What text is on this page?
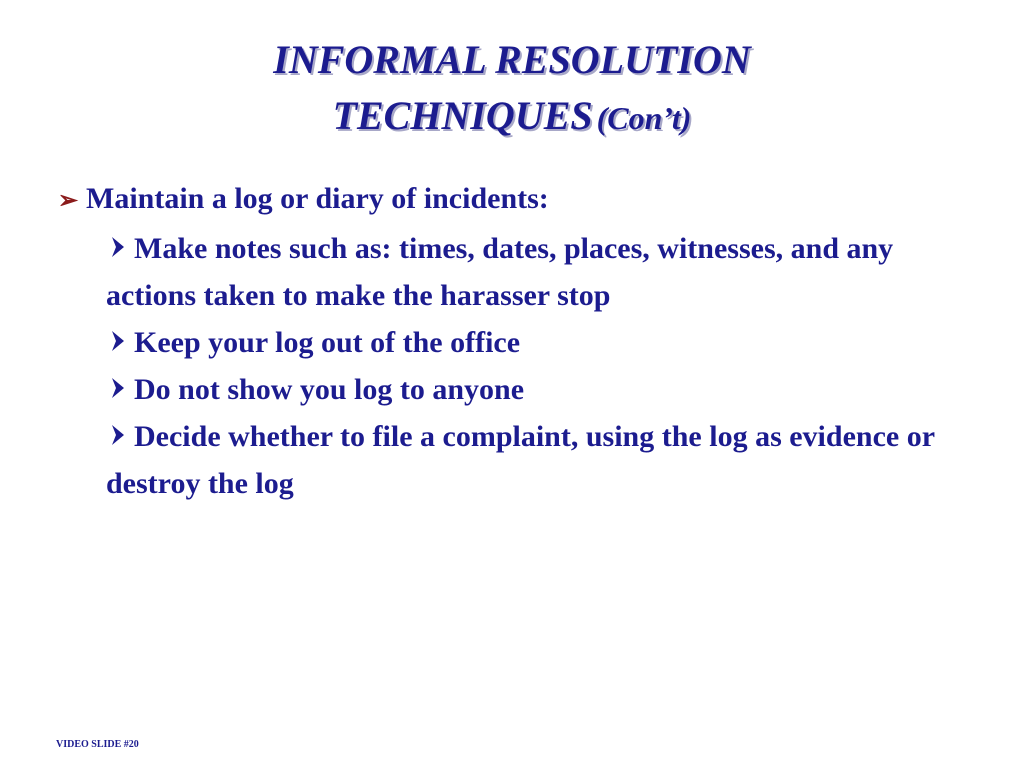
INFORMAL RESOLUTION
TECHNIQUES (Con’t)
➢ Maintain a log or diary of incidents:
Make notes such as: times, dates, places, witnesses, and any actions taken to make the harasser stop
Keep your log out of the office
Do not show you log to anyone
Decide whether to file a complaint, using the log as evidence or destroy the log
VIDEO SLIDE #20
